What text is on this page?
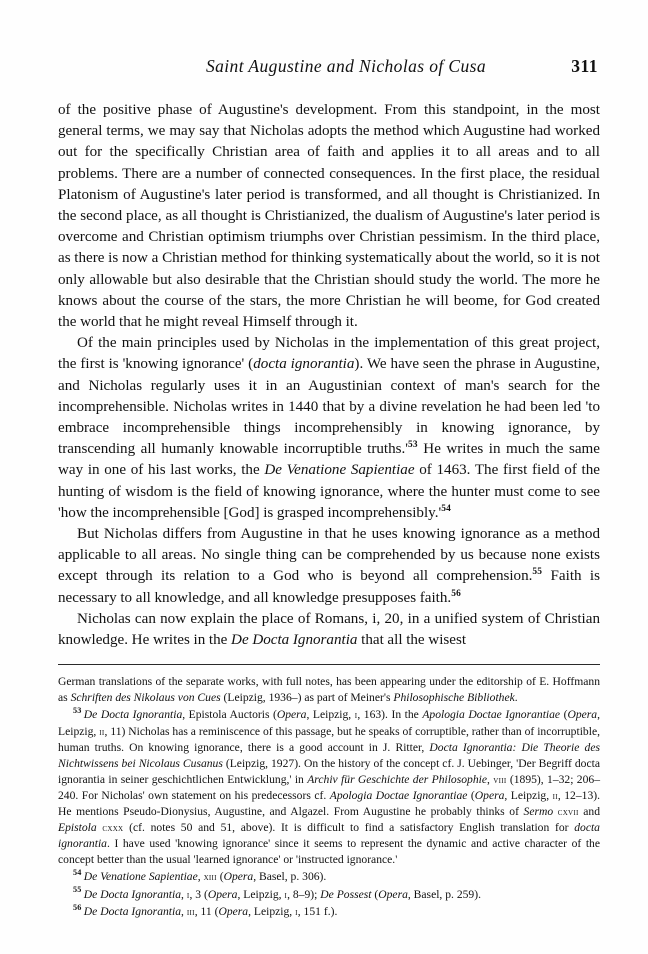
Saint Augustine and Nicholas of Cusa	311

of the positive phase of Augustine's development. From this standpoint, in the most general terms, we may say that Nicholas adopts the method which Augustine had worked out for the specifically Christian area of faith and applies it to all areas and to all problems. There are a number of connected consequences. In the first place, the residual Platonism of Augustine's later period is transformed, and all thought is Christianized. In the second place, as all thought is Christianized, the dualism of Augustine's later period is overcome and Christian optimism triumphs over Christian pessimism. In the third place, as there is now a Christian method for thinking systematically about the world, so it is not only allowable but also desirable that the Christian should study the world. The more he knows about the course of the stars, the more Christian he will beome, for God created the world that he might reveal Himself through it.

Of the main principles used by Nicholas in the implementation of this great project, the first is 'knowing ignorance' (docta ignorantia). We have seen the phrase in Augustine, and Nicholas regularly uses it in an Augustinian context of man's search for the incomprehensible. Nicholas writes in 1440 that by a divine revelation he had been led 'to embrace incomprehensible things incomprehensibly in knowing ignorance, by transcending all humanly knowable incorruptible truths.'$^{53}$ He writes in much the same way in one of his last works, the De Venatione Sapientiae of 1463. The first field of the hunting of wisdom is the field of knowing ignorance, where the hunter must come to see 'how the incomprehensible [God] is grasped incomprehensibly.'$^{54}$

But Nicholas differs from Augustine in that he uses knowing ignorance as a method applicable to all areas. No single thing can be comprehended by us because none exists except through its relation to a God who is beyond all comprehension.$^{55}$ Faith is necessary to all knowledge, and all knowledge presupposes faith.$^{56}$

Nicholas can now explain the place of Romans, i, 20, in a unified system of Christian knowledge. He writes in the De Docta Ignorantia that all the wisest

German translations of the separate works, with full notes, has been appearing under the editorship of E. Hoffmann as Schriften des Nikolaus von Cues (Leipzig, 1936–) as part of Meiner's Philosophische Bibliothek.

$^{53}$ De Docta Ignorantia, Epistola Auctoris (Opera, Leipzig, i, 163). In the Apologia Doctae Ignorantiae (Opera, Leipzig, ii, 11) Nicholas has a reminiscence of this passage, but he speaks of corruptible, rather than of incorruptible, human truths. On knowing ignorance, there is a good account in J. Ritter, Docta Ignorantia: Die Theorie des Nichtwissens bei Nicolaus Cusanus (Leipzig, 1927). On the history of the concept cf. J. Uebinger, 'Der Begriff docta ignorantia in seiner geschichtlichen Entwicklung,' in Archiv für Geschichte der Philosophie, viii (1895), 1–32; 206–240. For Nicholas' own statement on his predecessors cf. Apologia Doctae Ignorantiae (Opera, Leipzig, ii, 12–13). He mentions Pseudo-Dionysius, Augustine, and Algazel. From Augustine he probably thinks of Sermo cxvii and Epistola cxxx (cf. notes 50 and 51, above). It is difficult to find a satisfactory English translation for docta ignorantia. I have used 'knowing ignorance' since it seems to represent the dynamic and active character of the concept better than the usual 'learned ignorance' or 'instructed ignorance.'

$^{54}$ De Venatione Sapientiae, xiii (Opera, Basel, p. 306).

$^{55}$ De Docta Ignorantia, i, 3 (Opera, Leipzig, i, 8–9); De Possest (Opera, Basel, p. 259).

$^{56}$ De Docta Ignorantia, iii, 11 (Opera, Leipzig, i, 151 f.).
